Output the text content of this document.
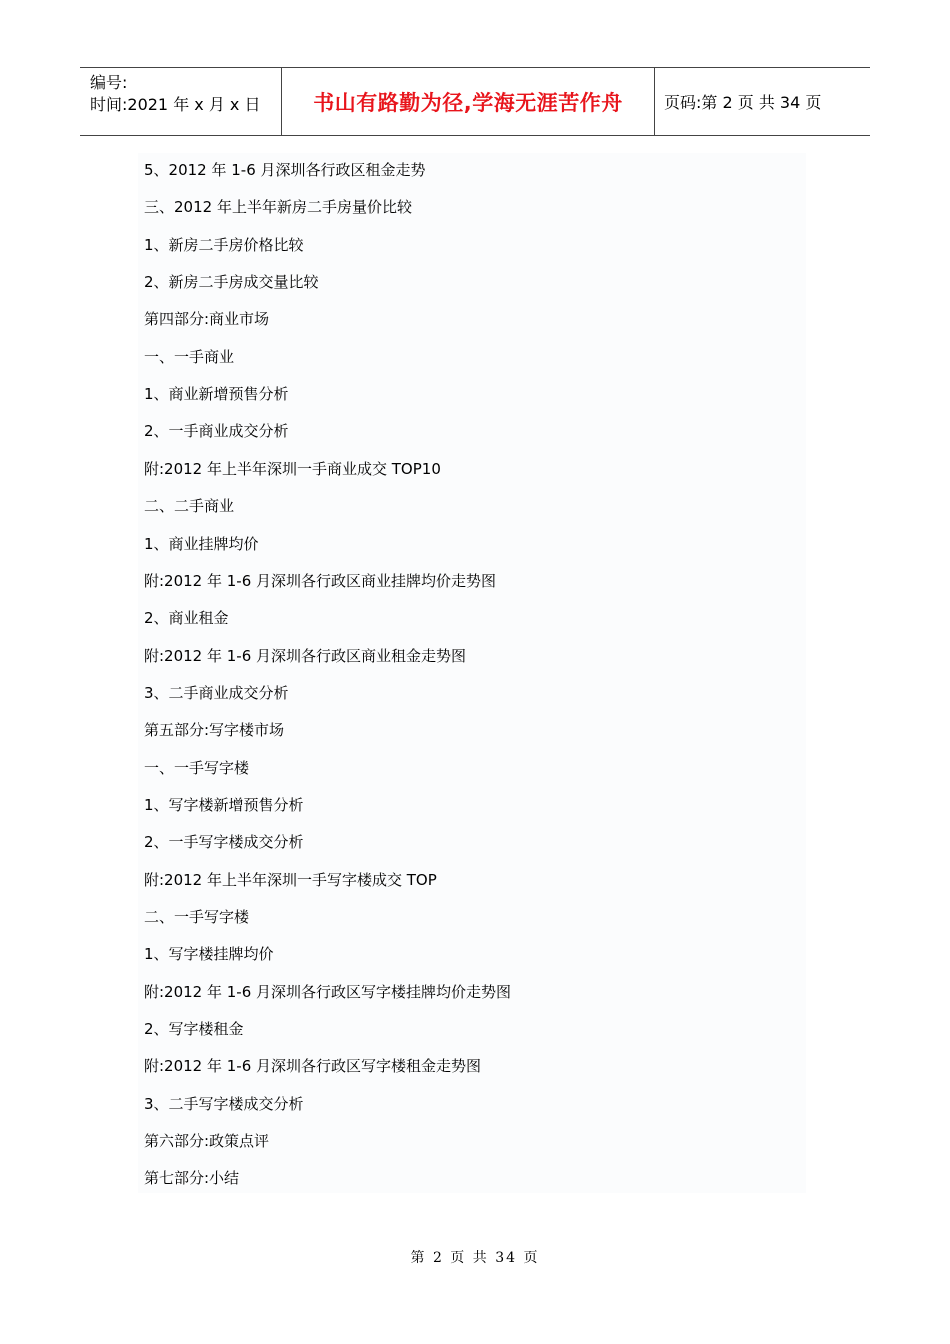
编号:
时间:2021 年 x 月 x 日	书山有路勤为径,学海无涯苦作舟	页码:第 2 页 共 34 页
5、2012 年 1-6 月深圳各行政区租金走势
三、2012 年上半年新房二手房量价比较
1、新房二手房价格比较
2、新房二手房成交量比较
第四部分:商业市场
一、一手商业
1、商业新增预售分析
2、一手商业成交分析
附:2012 年上半年深圳一手商业成交 TOP10
二、二手商业
1、商业挂牌均价
附:2012 年 1-6 月深圳各行政区商业挂牌均价走势图
2、商业租金
附:2012 年 1-6 月深圳各行政区商业租金走势图
3、二手商业成交分析
第五部分:写字楼市场
一、一手写字楼
1、写字楼新增预售分析
2、一手写字楼成交分析
附:2012 年上半年深圳一手写字楼成交 TOP
二、一手写字楼
1、写字楼挂牌均价
附:2012 年 1-6 月深圳各行政区写字楼挂牌均价走势图
2、写字楼租金
附:2012 年 1-6 月深圳各行政区写字楼租金走势图
3、二手写字楼成交分析
第六部分:政策点评
第七部分:小结
第 2 页 共 34 页
